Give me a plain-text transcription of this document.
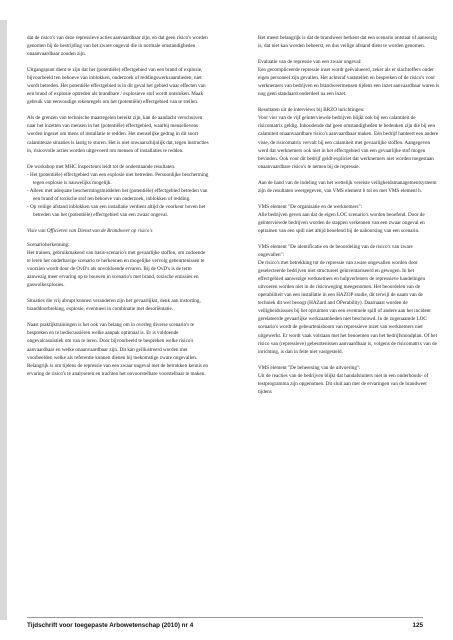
dat de risico's van deze repressieve acties aanvaardbaar zijn, en dat geen risico's worden genomen bij de bestrijding van het zware ongeval die in normale omstandigheden onaanvaardbaar zouden zijn.

Uitgangspunt dient te zijn dat het (potentiële) effectgebied van een brand of explosie, bijvoorbeeld ten behoeve van inblokken, onderzoek of reddingswerkzaamheden, niet wordt betreden. Het potentiële effectgebied is in dit geval het gebied waar effecten van een brand of explosie optreden als brandbare / explosieve stof wordt ontstoken. Maak gebruik van eenvoudige rekenregels om het (potentiële) effectgebied van te stellen.

Als de grenzen van technische maatregelen bereikt zijn, kan de aandacht verschuiven naar het inzetten van mensen in het (potentiële) effectgebied, waarbij menselievens worden ingezet om mens of installatie te redden. Het menselijke gedrag in dit soort calamiteuze situaties is lastig te sturen. Het is niet onwaarschijnlijk dat, tegen instructies in, risicovolle acties worden uitgevoerd om mensen of installaties te redden.

De workshop met MHC inspecteurs leidt tot de onderstaande resultaten.

- Het (potentiële) effectgebied van een explosie niet betreden. Persoonlijke bescherming tegen explosie is nauwelijks mogelijk.
- Alleen met adequate beschermingsmiddelen het (potentiële) effectgebied betreden van een brand of toxische stof ten behoeve van onderzoek, inblokken of redding.
- Op veilige afstand inblokken van een installatie verdient altijd de voorkeur boven het betreden van het (potentiële) effectgebied van een zwaar ongeval.

Visie van Officieren van Dienst van de Brandweer op risico's

Scenarioherkenning:

Het trainen, gebruikmakend van basis-scenario's met gevaarlijke stoffen, om zodoende te leren het onderhavige scenario te herkennen en mogelijke vervolg gebeurtenissen te voorzien wordt door de OvD's als onvoldoende ervaren. Bij de OvD's is de term aanwezig meer ervaring op te bouwen in scenario's met brand, toxische emissies en gaswolkexplosies.

Situaties die vrij abrupt kunnen veranderen zijn het gevaarlijkst, denk aan instorting, branddoorbreking, explosie, eventueel in combinatie met desoriëntatie.

Naast praktijktrainingen is het ook van belang om in overleg diverse scenario's te bespreken en te bediscussiëren welke aanpak optimaal is. Er is voldoende ongevalcasuïstiek om van te leren. Door bijvoorbeeld te bespreken welke risico's aanvaardbaar en welke onaanvaardbaar zijn. Dit kan geïllustreerd worden met voorbeelden welke als referentie kunnen dienen bij toekomstige zware ongevallen.

Belangrijk is om tijdens de repressie van een zwaar ongeval met de betrokken kennis en ervaring de risico's te analyseren en trachten het onvoorstelbare voorstelbaar te maken.

Het meest belangrijk is dat de brandweer herkent dat een scenario ontstaat of aanwezig is, dat niet kan worden beheerst, en dus veilige afstand dient te worden genomen.

Evaluatie van de repressie van een zwaar ongeval:
Een gecompliceerde repressie inset wordt geëvalueerd, zeker als er slachtoffers onder eigen personeel zijn gevallen. Het achteraf vaststellen en bespreken of de risico's voor werknemers van bedrijven en brandweermensen tijdens een inzet aanvaardbaar waren is nog geen standaard onderdeel na een inzet.

Resultaten uit de interviews bij BRZO inrichtingen:
Voor vier van de vijf geïnterviewde bedrijven blijkt ook bij een calamiteit de risicomatrix geldig. Inhoudende dat geen omstandigheden te bedenken zijn die bij een calamiteit onaanvaardbare risico's aanvaardbaar maken. Eén bedrijf hanteert een andere visie, de risicomatrix vervalt bij een calamiteit met gevaarlijke stoffen. Aangegeven werd dat werknemers ook niet in het effectgebied van een gevaarlijke stof mogen bevinden. Ook voor dit bedrijf geldt expliciet dat werknemers niet worden toegestaan onaanvaardbare risico's te nemen bij de repressie.

Aan de hand van de indeling van het wettelijk vereiste veiligheidsmanagementsysteem zijn de resultaten weergegeven, van VMS element b tot en met VMS element h.

VMS element "De organisatie en de werknemers":
Alle bedrijven geven aan dat de eigen LOC scenario's worden beoefend. Door de geïnterviewde bedrijven worden de stappen verkennen van een zwaar ongeval en optrainen van een spill niet altijd beoefend bij de naboorsing van een scenario.

VMS element "De identificatie en de beoordeling van de risico's van zware ongevallen":
De risico's met betrekking tot de repressie van zware ongevallen worden door geselecteerde bedrijven niet structureel geïnventariseerd en gewogen. In het effectgebied aanwezige werknemers en hulpverleners de repressieve handelingen uitvoeren worden niet in de risicoweging meegenomen. Het beoordelen van de operabiliteit van een installatie in een HAZOP studie, dit terwijl de naam van de techniek dit wel beoogt (HAZard and OPerability). Daarnaast worden de veiligheidsissues bij het opruimen van een eventuele spill of andere aan het incident gerelateerde gevaarlijke werkzaamheden niet beschouwd. In de zogenaamde LOC scenario's wordt de gebeurtenisboom van repressieve inzet van werknemers niet uitgewerkt. Er wordt vaak volstaan met het benoemen van het bedrijfsnoodplan. Of het risico van (repressieve) gebeurtenissen aanvaardbaar is, volgens de risicomatrix van de inrichting, is dan in feite niet vastgesteld.

VMS element "De beheersing van de uitvoering":
Uit de reacties van de bedrijven blijkt dat handafsluiters niet in een onderhouds- of testprogramma zijn opgenomen. Dit sluit aan met de ervaringen van de brandweer tijdens

Tijdschrift voor toegepaste Arbowetenschap (2010) nr 4	125
